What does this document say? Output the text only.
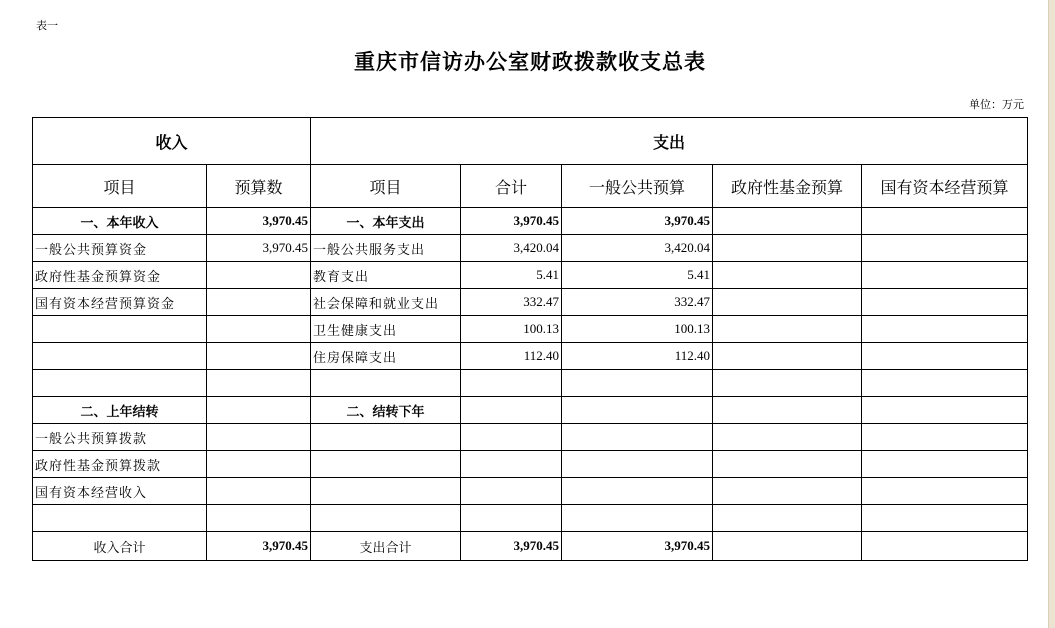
表一
重庆市信访办公室财政拨款收支总表
单位：万元
收入		支出				
项目	预算数	项目	合计	一般公共预算	政府性基金预算	国有资本经营预算
一、本年收入	3,970.45	一、本年支出	3,970.45	3,970.45		
一般公共预算资金	3,970.45	一般公共服务支出	3,420.04	3,420.04		
政府性基金预算资金		教育支出	5.41	5.41		
国有资本经营预算资金		社会保障和就业支出	332.47	332.47		
		卫生健康支出	100.13	100.13		
		住房保障支出	112.40	112.40		

二、上年结转		二、结转下年				
一般公共预算拨款						
政府性基金预算拨款						
国有资本经营收入						

收入合计	3,970.45	支出合计	3,970.45	3,970.45		
